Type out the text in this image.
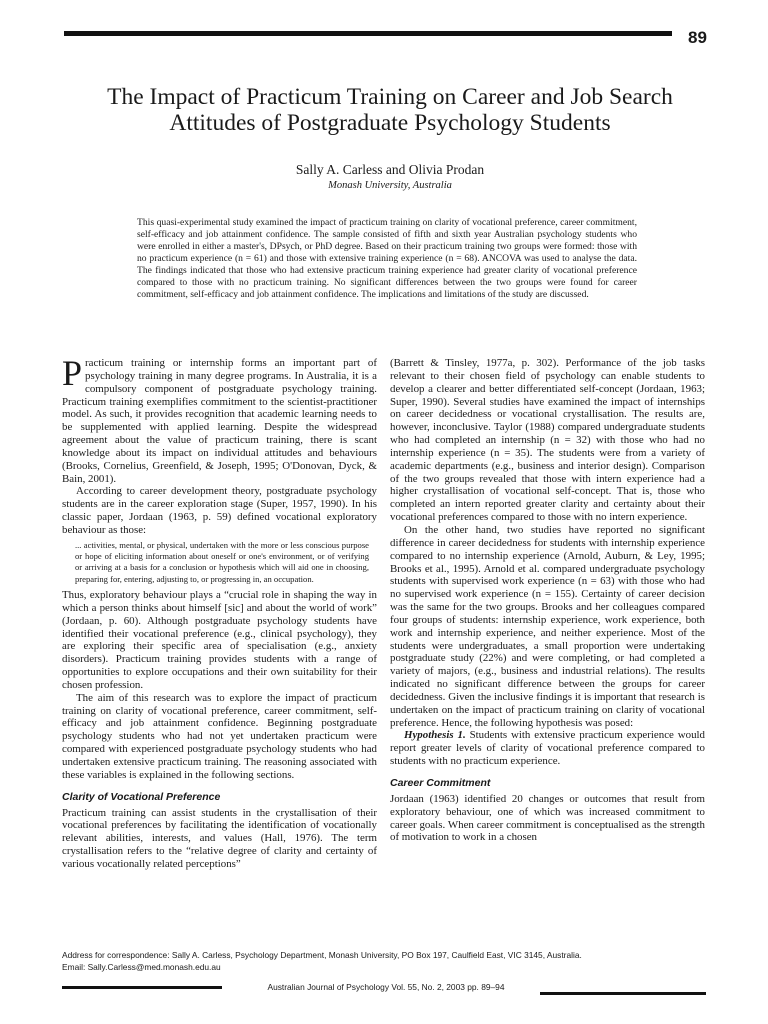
89
The Impact of Practicum Training on Career and Job Search
Attitudes of Postgraduate Psychology Students
Sally A. Carless and Olivia Prodan
Monash University, Australia
This quasi-experimental study examined the impact of practicum training on clarity of vocational preference, career commitment, self-efficacy and job attainment confidence. The sample consisted of fifth and sixth year Australian psychology students who were enrolled in either a master's, DPsych, or PhD degree. Based on their practicum training two groups were formed: those with no practicum experience (n = 61) and those with extensive training experience (n = 68). ANCOVA was used to analyse the data. The findings indicated that those who had extensive practicum training experience had greater clarity of vocational preference compared to those with no practicum training. No significant differences between the two groups were found for career commitment, self-efficacy and job attainment confidence. The implications and limitations of the study are discussed.

Practicum training or internship forms an important part of psychology training in many degree programs. In Australia, it is a compulsory component of postgraduate psychology training. Practicum training exemplifies commitment to the scientist-practitioner model. As such, it provides recognition that academic learning needs to be supplemented with applied learning. Despite the widespread agreement about the value of practicum training, there is scant knowledge about its impact on individual attitudes and behaviours (Brooks, Cornelius, Greenfield, & Joseph, 1995; O'Donovan, Dyck, & Bain, 2001).

According to career development theory, postgraduate psychology students are in the career exploration stage (Super, 1957, 1990). In his classic paper, Jordaan (1963, p. 59) defined vocational exploratory behaviour as those:

... activities, mental, or physical, undertaken with the more or less conscious purpose or hope of eliciting information about oneself or one's environment, or of verifying or arriving at a basis for a conclusion or hypothesis which will aid one in choosing, preparing for, entering, adjusting to, or progressing in, an occupation.

Thus, exploratory behaviour plays a “crucial role in shaping the way in which a person thinks about himself [sic] and about the world of work” (Jordaan, p. 60). Although postgraduate psychology students have identified their vocational preference (e.g., clinical psychology), they are exploring their specific area of specialisation (e.g., anxiety disorders). Practicum training provides students with a range of opportunities to explore occupations and their own suitability for their chosen profession.

The aim of this research was to explore the impact of practicum training on clarity of vocational preference, career commitment, self-efficacy and job attainment confidence. Beginning postgraduate psychology students who had not yet undertaken practicum were compared with experienced postgraduate psychology students who had undertaken extensive practicum training. The reasoning associated with these variables is explained in the following sections.

Clarity of Vocational Preference

Practicum training can assist students in the crystallisation of their vocational preferences by facilitating the identification of vocationally relevant abilities, interests, and values (Hall, 1976). The term crystallisation refers to the “relative degree of clarity and certainty of various vocationally related perceptions”

(Barrett & Tinsley, 1977a, p. 302). Performance of the job tasks relevant to their chosen field of psychology can enable students to develop a clearer and better differentiated self-concept (Jordaan, 1963; Super, 1990). Several studies have examined the impact of internships on career decidedness or vocational crystallisation. The results are, however, inconclusive. Taylor (1988) compared undergraduate students who had completed an internship (n = 32) with those who had no internship experience (n = 35). The students were from a variety of academic departments (e.g., business and interior design). Comparison of the two groups revealed that those with intern experience had a higher crystallisation of vocational self-concept. That is, those who completed an intern reported greater clarity and certainty about their vocational preferences compared to those with no intern experience.

On the other hand, two studies have reported no significant difference in career decidedness for students with internship experience compared to no internship experience (Arnold, Auburn, & Ley, 1995; Brooks et al., 1995). Arnold et al. compared undergraduate psychology students with supervised work experience (n = 63) with those who had no supervised work experience (n = 155). Certainty of career decision was the same for the two groups. Brooks and her colleagues compared four groups of students: internship experience, work experience, both work and internship experience, and neither experience. Most of the students were undergraduates, a small proportion were undertaking postgraduate study (22%) and were completing, or had completed a variety of majors, (e.g., business and industrial relations). The results indicated no significant difference between the groups for career decidedness. Given the inclusive findings it is important that research is undertaken on the impact of practicum training on clarity of vocational preference. Hence, the following hypothesis was posed:

Hypothesis 1. Students with extensive practicum experience would report greater levels of clarity of vocational preference compared to students with no practicum experience.

Career Commitment

Jordaan (1963) identified 20 changes or outcomes that result from exploratory behaviour, one of which was increased commitment to career goals. When career commitment is conceptualised as the strength of motivation to work in a chosen

Address for correspondence: Sally A. Carless, Psychology Department, Monash University, PO Box 197, Caulfield East, VIC 3145, Australia.
Email: Sally.Carless@med.monash.edu.au
Australian Journal of Psychology Vol. 55, No. 2, 2003 pp. 89–94
